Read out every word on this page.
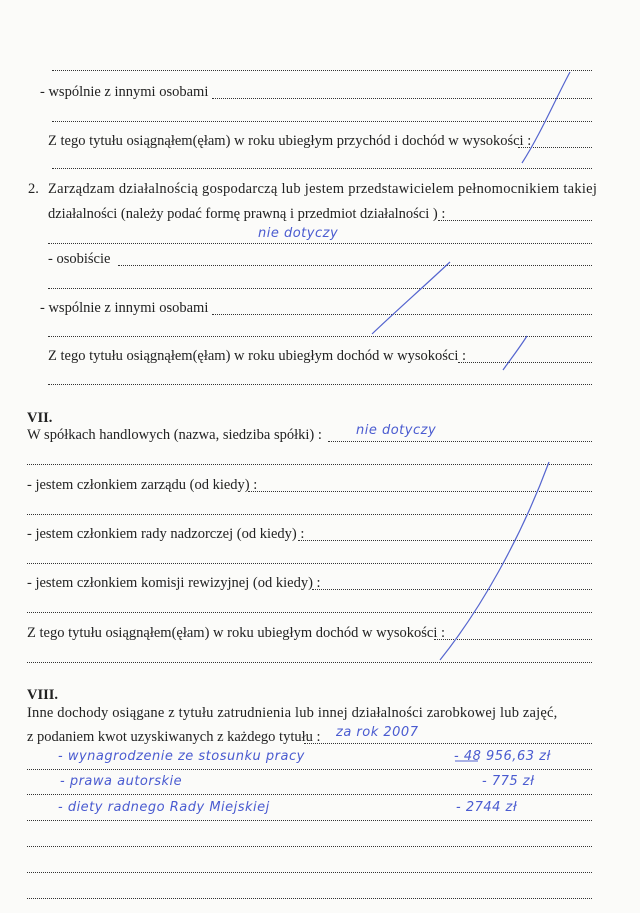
- wspólnie z innymi osobami
Z tego tytułu osiągnąłem(ęłam) w roku ubiegłym przychód i dochód w wysokości :
2. Zarządzam działalnością gospodarczą lub jestem przedstawicielem pełnomocnikiem takiej
działalności (należy podać formę prawną i przedmiot działalności ) :
nie dotyczy
- osobiście
- wspólnie z innymi osobami
Z tego tytułu osiągnąłem(ęłam) w roku ubiegłym dochód w wysokości :
VII.
W spółkach handlowych (nazwa, siedziba spółki) :	nie dotyczy
- jestem członkiem zarządu (od kiedy) :
- jestem członkiem rady nadzorczej (od kiedy) :
- jestem członkiem komisji rewizyjnej (od kiedy) :
Z tego tytułu osiągnąłem(ęłam) w roku ubiegłym dochód w wysokości :
VIII.
Inne dochody osiągane z tytułu zatrudnienia lub innej działalności zarobkowej lub zajęć,
z podaniem kwot uzyskiwanych z każdego tytułu : za rok 2007
- wynagrodzenie ze stosunku pracy	- 48 956,63 zł
- prawa autorskie	- 775 zł
- diety radnego Rady Miejskiej	- 2744 zł
